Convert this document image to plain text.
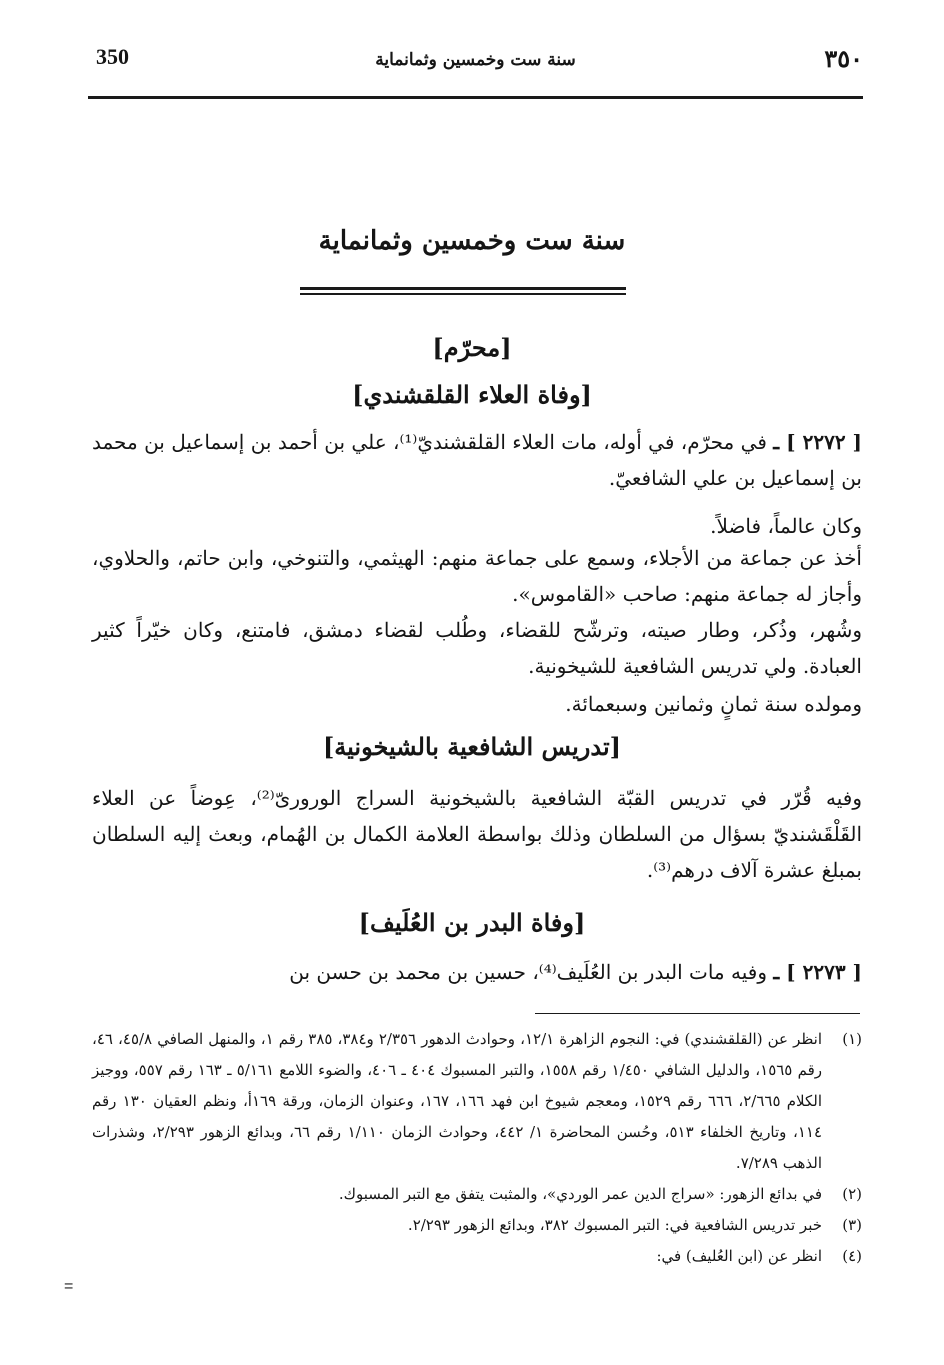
350	سنة ست وخمسين وثمانماية	٣٥٠
سنة ست وخمسين وثمانماية
[محرّم]
[وفاة العلاء القلقشندي]
[ ٢٢٧٢ ] ـ في محرّم، في أوله، مات العلاء القلقشنديّ⁽¹⁾، علي بن أحمد بن إسماعيل بن محمد بن إسماعيل بن علي الشافعيّ.
وكان عالماً، فاضلاً.
أخذ عن جماعة من الأجلاء، وسمع على جماعة منهم: الهيثمي، والتنوخي، وابن حاتم، والحلاوي، وأجاز له جماعة منهم: صاحب «القاموس».
وشُهر، وذُكر، وطار صيته، وترشّح للقضاء، وطُلب لقضاء دمشق، فامتنع، وكان خيّراً كثير العبادة. ولي تدريس الشافعية للشيخونية.
ومولده سنة ثمانٍ وثمانين وسبعمائة.
[تدريس الشافعية بالشيخونية]
وفيه قُرّر في تدريس القبّة الشافعية بالشيخونية السراج الورورىّ⁽²⁾، عِوضاً عن العلاء القَلْقَشنديّ بسؤال من السلطان وذلك بواسطة العلامة الكمال بن الهُمام، وبعث إليه السلطان بمبلغ عشرة آلاف درهم⁽³⁾.
[وفاة البدر بن العُلَيف]
[ ٢٢٧٣ ] ـ وفيه مات البدر بن العُلَيف⁽⁴⁾، حسين بن محمد بن حسن بن
(١)
انظر عن (القلقشندي) في: النجوم الزاهرة ١٢/١، وحوادث الدهور ٢/٣٥٦ و٣٨٤، ٣٨٥ رقم ١، والمنهل الصافي ٤٥/٨، ٤٦، رقم ١٥٦٥، والدليل الشافي ١/٤٥٠ رقم ١٥٥٨، والتبر المسبوك ٤٠٤ ـ ٤٠٦، والضوء اللامع ٥/١٦١ ـ ١٦٣ رقم ٥٥٧، ووجيز الكلام ٢/٦٦٥، ٦٦٦ رقم ١٥٢٩، ومعجم شيوخ ابن فهد ١٦٦، ١٦٧، وعنوان الزمان، ورقة ١٦٩أ، ونظم العقيان ١٣٠ رقم ١١٤، وتاريخ الخلفاء ٥١٣، وحُسن المحاضرة ١/ ٤٤٢، وحوادث الزمان ١/١١٠ رقم ٦٦، وبدائع الزهور ٢/٢٩٣، وشذرات الذهب ٧/٢٨٩.
(٢)
في بدائع الزهور: «سراج الدين عمر الوردي»، والمثبت يتفق مع التبر المسبوك.
(٣)
خبر تدريس الشافعية في: التبر المسبوك ٣٨٢، وبدائع الزهور ٢/٢٩٣.
(٤)
انظر عن (ابن العُليف) في:
=
